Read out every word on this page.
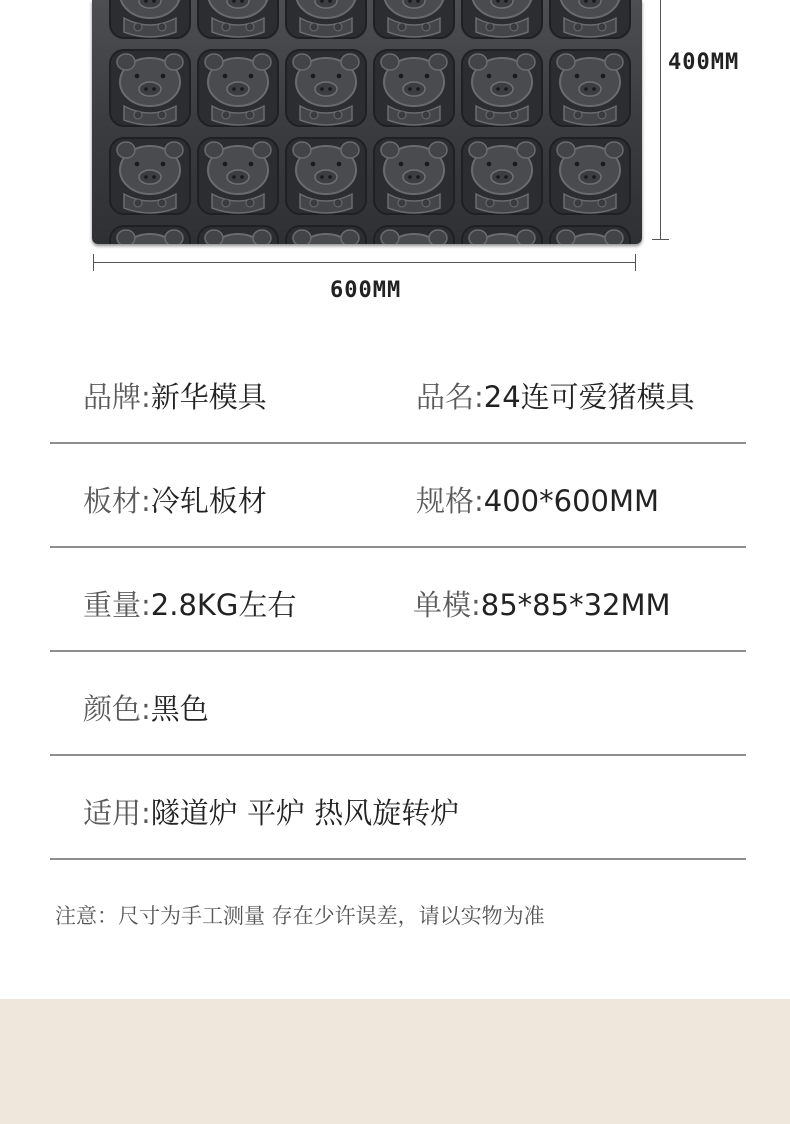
400MM
600MM
品牌:新华模具	品名:24连可爱猪模具
板材:冷轧板材	规格:400*600MM
重量:2.8KG左右	单模:85*85*32MM
颜色:黑色
适用:隧道炉 平炉 热风旋转炉
注意：尺寸为手工测量 存在少许误差，请以实物为准
